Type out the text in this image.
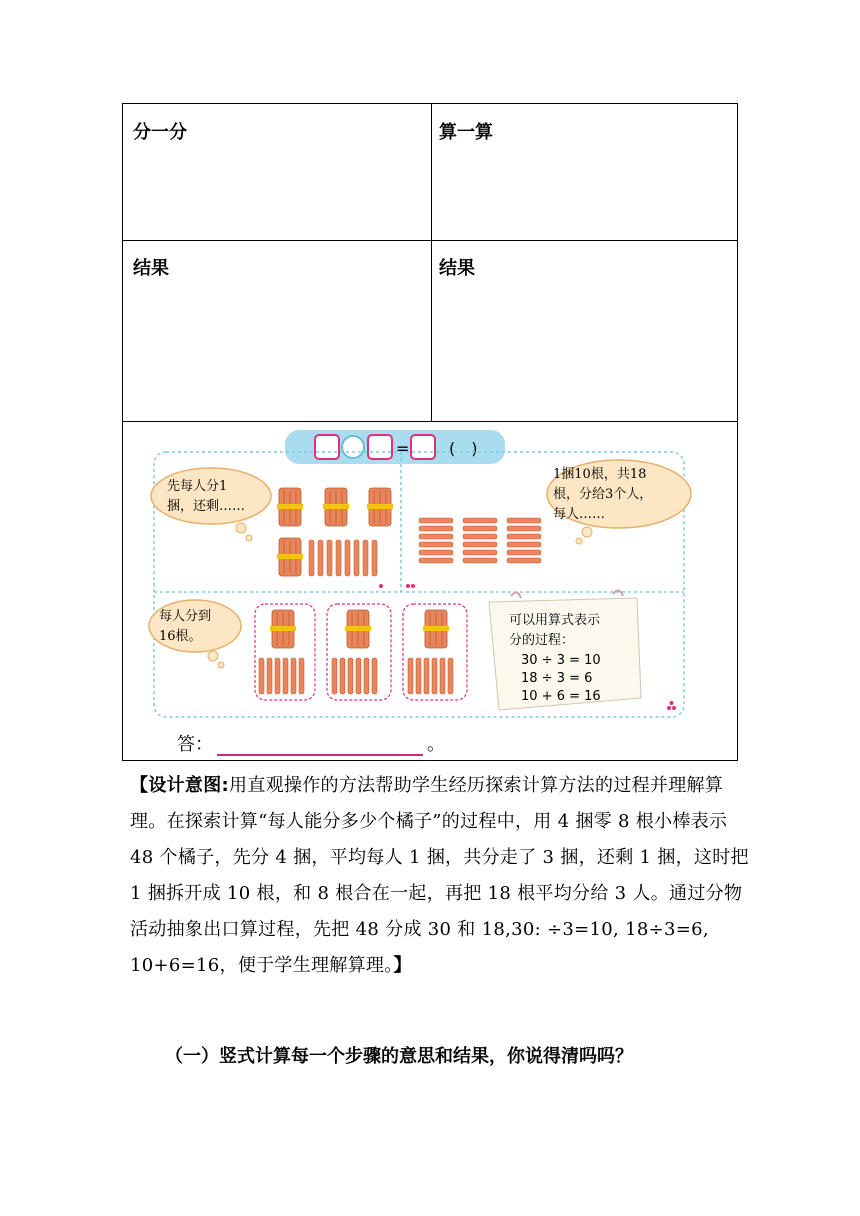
分一分	算一算
结果	结果
= (　)
先每人分1
捆，还剩……
1捆10根，共18
根，分给3个人，
每人……
每人分到
16根。
可以用算式表示
分的过程：
30 ÷ 3 = 10
18 ÷ 3 = 6
10 + 6 = 16
答：	。
【设计意图:用直观操作的方法帮助学生经历探索计算方法的过程并理解算理。在探索计算“每人能分多少个橘子”的过程中，用 4 捆零 8 根小棒表示 48 个橘子，先分 4 捆，平均每人 1 捆，共分走了 3 捆，还剩 1 捆，这时把 1 捆拆开成 10 根，和 8 根合在一起，再把 18 根平均分给 3 人。通过分物活动抽象出口算过程，先把 48 分成 30 和 18,30: ÷3=10, 18÷3=6, 10+6=16，便于学生理解算理。】
（一）竖式计算每一个步骤的意思和结果，你说得清吗吗？
